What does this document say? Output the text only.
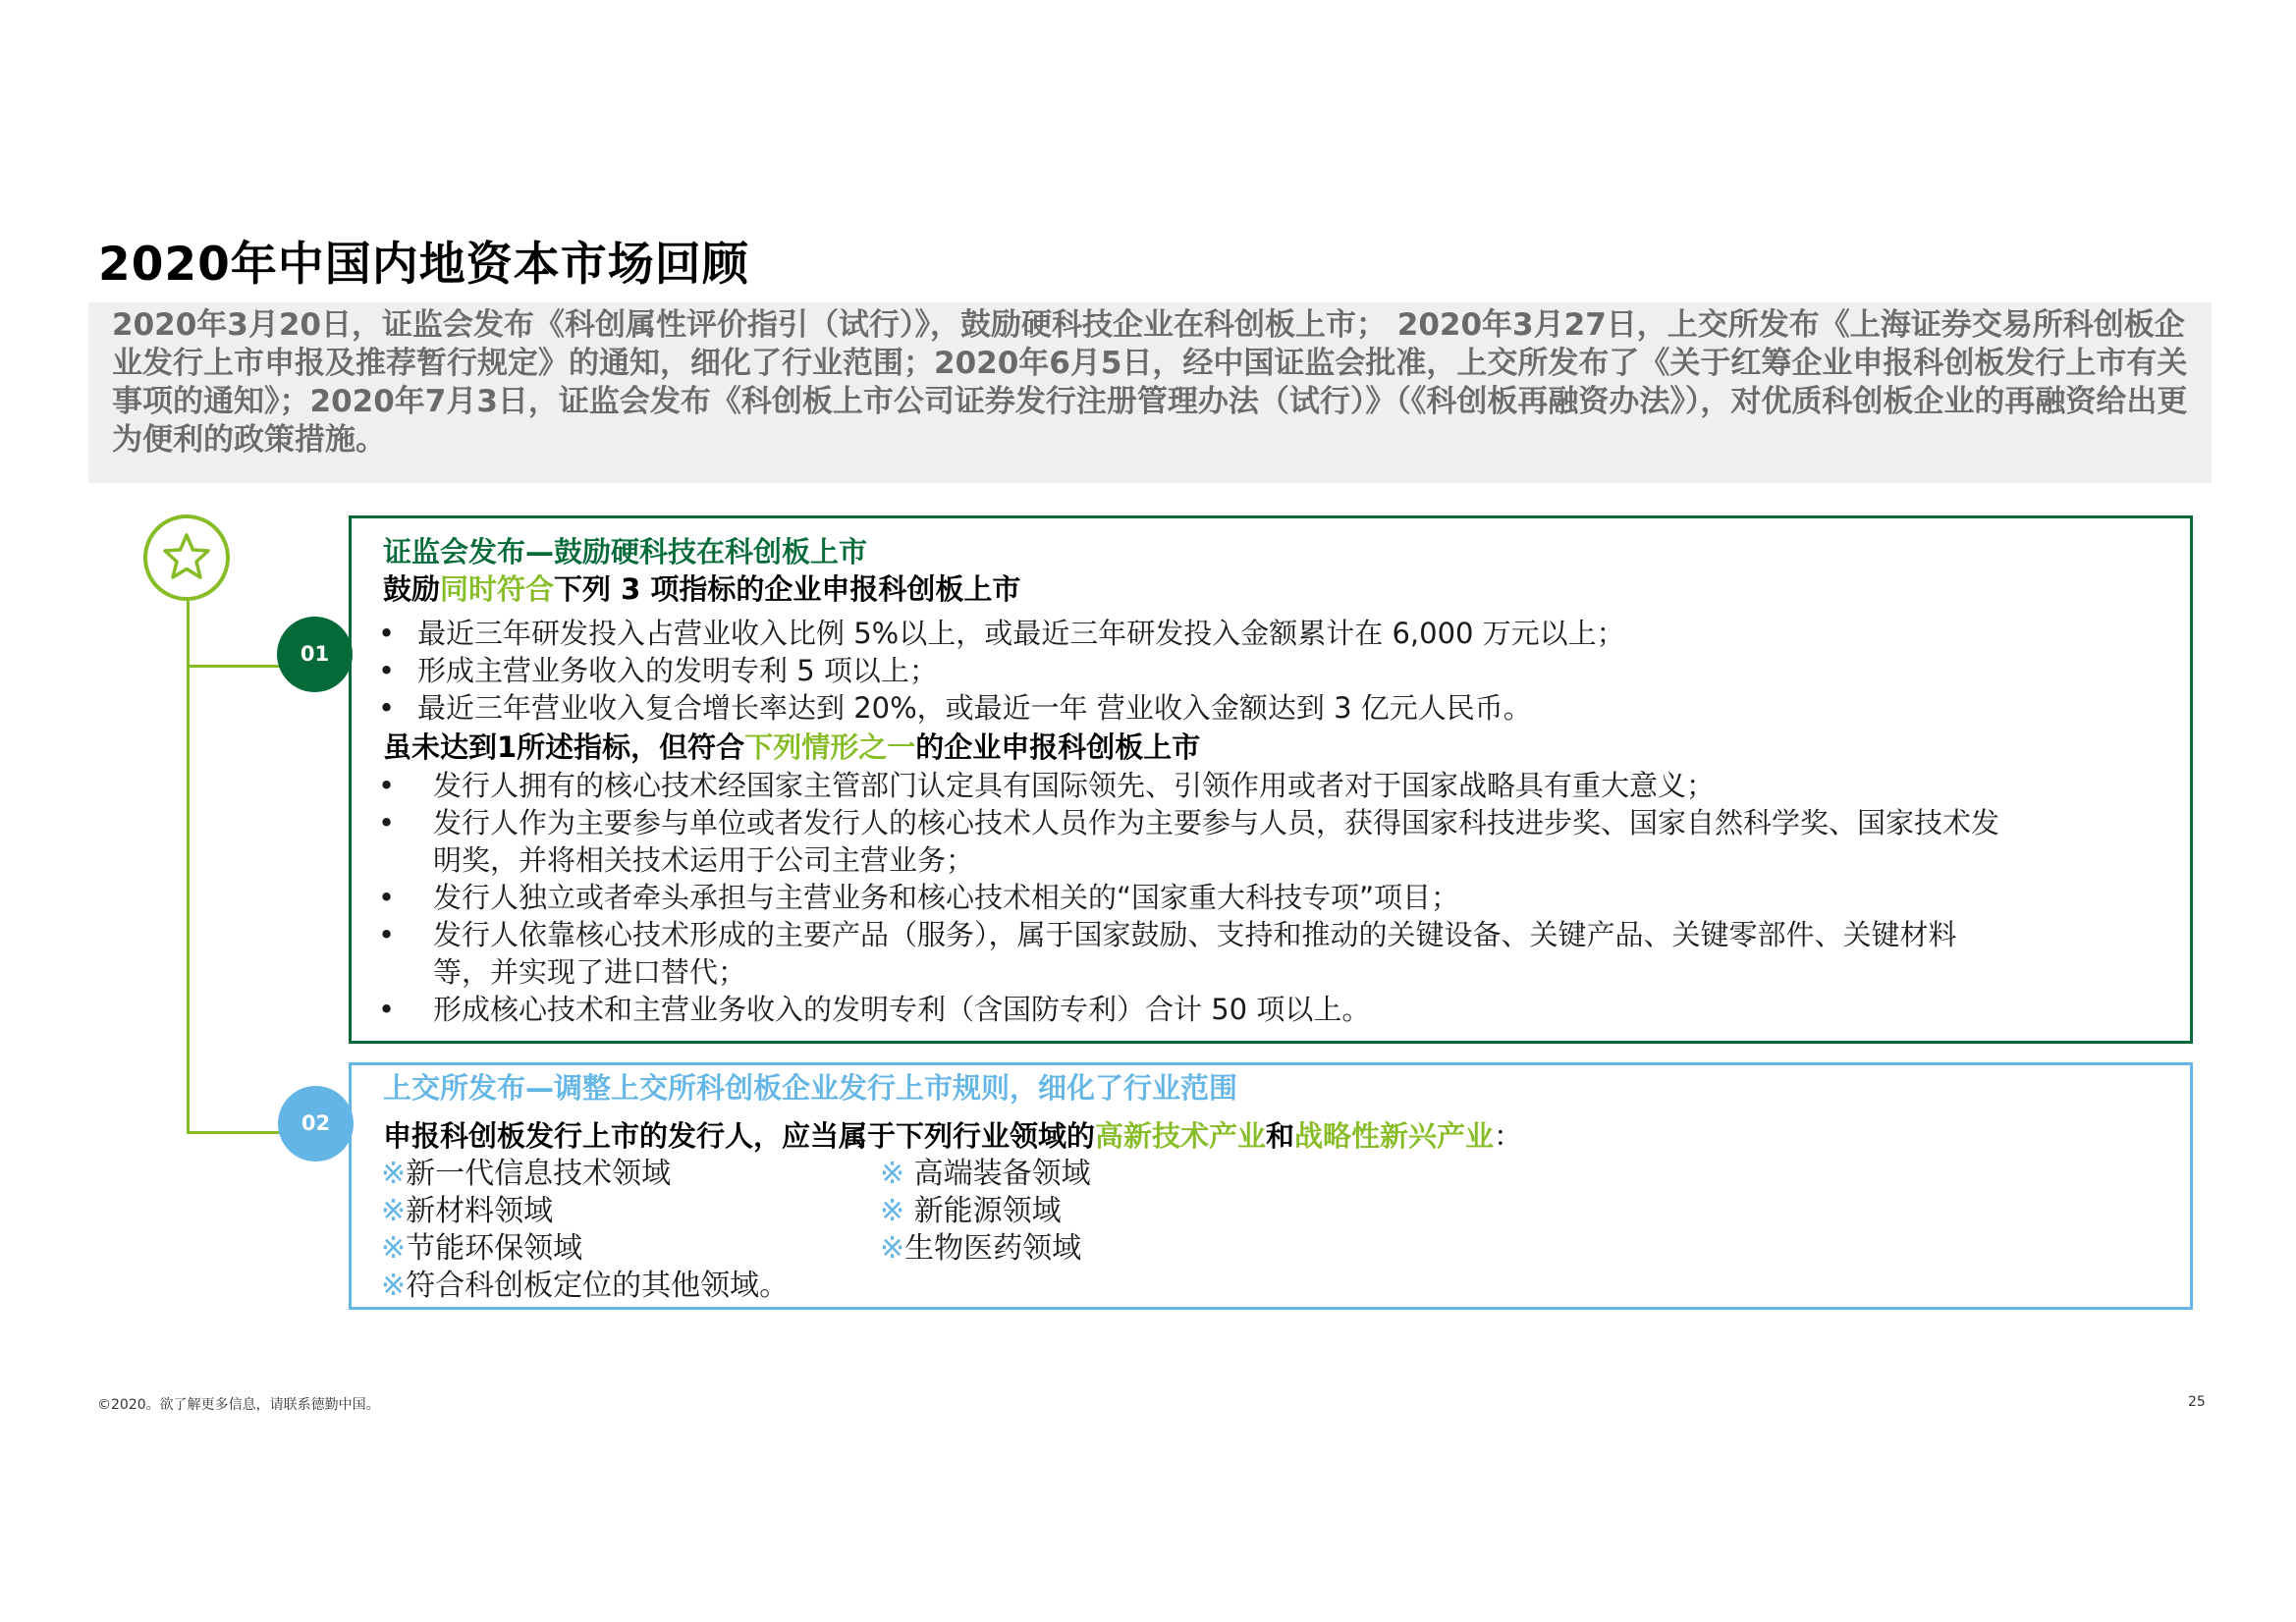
2020年中国内地资本市场回顾
2020年3月20日，证监会发布《科创属性评价指引（试行）》，鼓励硬科技企业在科创板上市； 2020年3月27日，上交所发布《上海证券交易所科创板企业发行上市申报及推荐暂行规定》的通知，细化了行业范围；2020年6月5日，经中国证监会批准，上交所发布了《关于红筹企业申报科创板发行上市有关事项的通知》；2020年7月3日，证监会发布《科创板上市公司证券发行注册管理办法（试行）》（《科创板再融资办法》），对优质科创板企业的再融资给出更为便利的政策措施。
01
02
证监会发布—鼓励硬科技在科创板上市
鼓励同时符合下列 3 项指标的企业申报科创板上市
• 最近三年研发投入占营业收入比例 5%以上，或最近三年研发投入金额累计在 6,000 万元以上；
• 形成主营业务收入的发明专利 5 项以上；
• 最近三年营业收入复合增长率达到 20%，或最近一年 营业收入金额达到 3 亿元人民币。
虽未达到1所述指标，但符合下列情形之一的企业申报科创板上市
•	发行人拥有的核心技术经国家主管部门认定具有国际领先、引领作用或者对于国家战略具有重大意义；
•	发行人作为主要参与单位或者发行人的核心技术人员作为主要参与人员，获得国家科技进步奖、国家自然科学奖、国家技术发
明奖，并将相关技术运用于公司主营业务；
•	发行人独立或者牵头承担与主营业务和核心技术相关的“国家重大科技专项”项目；
•	发行人依靠核心技术形成的主要产品（服务），属于国家鼓励、支持和推动的关键设备、关键产品、关键零部件、关键材料
等，并实现了进口替代；
•	形成核心技术和主营业务收入的发明专利（含国防专利）合计 50 项以上。
上交所发布—调整上交所科创板企业发行上市规则，细化了行业范围
申报科创板发行上市的发行人，应当属于下列行业领域的高新技术产业和战略性新兴产业：
※新一代信息技术领域	※ 高端装备领域
※新材料领域	※ 新能源领域
※节能环保领域	※生物医药领域
※符合科创板定位的其他领域。
©2020。欲了解更多信息，请联系德勤中国。	25
